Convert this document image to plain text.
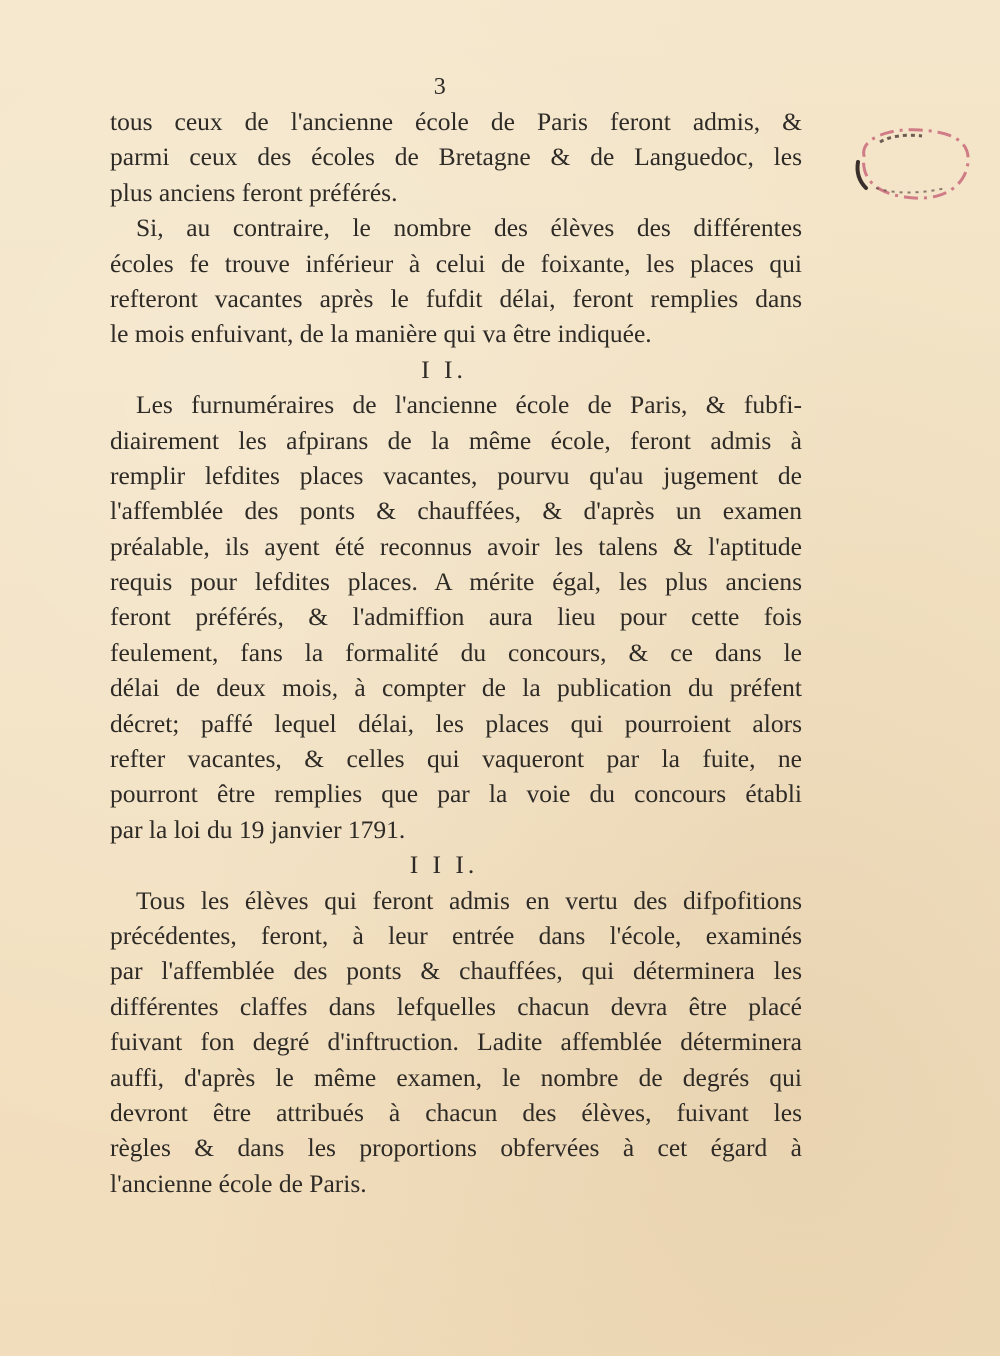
3
tous ceux de l'ancienne école de Paris feront admis, &
parmi ceux des écoles de Bretagne & de Languedoc, les
plus anciens feront préférés.
Si, au contraire, le nombre des élèves des différentes
écoles fe trouve inférieur à celui de foixante, les places qui
refteront vacantes après le fufdit délai, feront remplies dans
le mois enfuivant, de la manière qui va être indiquée.
I I.
Les furnuméraires de l'ancienne école de Paris, & fubfi-
diairement les afpirans de la même école, feront admis à
remplir lefdites places vacantes, pourvu qu'au jugement de
l'affemblée des ponts & chauffées, & d'après un examen
préalable, ils ayent été reconnus avoir les talens & l'aptitude
requis pour lefdites places. A mérite égal, les plus anciens
feront préférés, & l'admiffion aura lieu pour cette fois
feulement, fans la formalité du concours, & ce dans le
délai de deux mois, à compter de la publication du préfent
décret; paffé lequel délai, les places qui pourroient alors
refter vacantes, & celles qui vaqueront par la fuite, ne
pourront être remplies que par la voie du concours établi
par la loi du 19 janvier 1791.
I I I.
Tous les élèves qui feront admis en vertu des difpofitions
précédentes, feront, à leur entrée dans l'école, examinés
par l'affemblée des ponts & chauffées, qui déterminera les
différentes claffes dans lefquelles chacun devra être placé
fuivant fon degré d'inftruction. Ladite affemblée déterminera
auffi, d'après le même examen, le nombre de degrés qui
devront être attribués à chacun des élèves, fuivant les
règles & dans les proportions obfervées à cet égard à
l'ancienne école de Paris.
